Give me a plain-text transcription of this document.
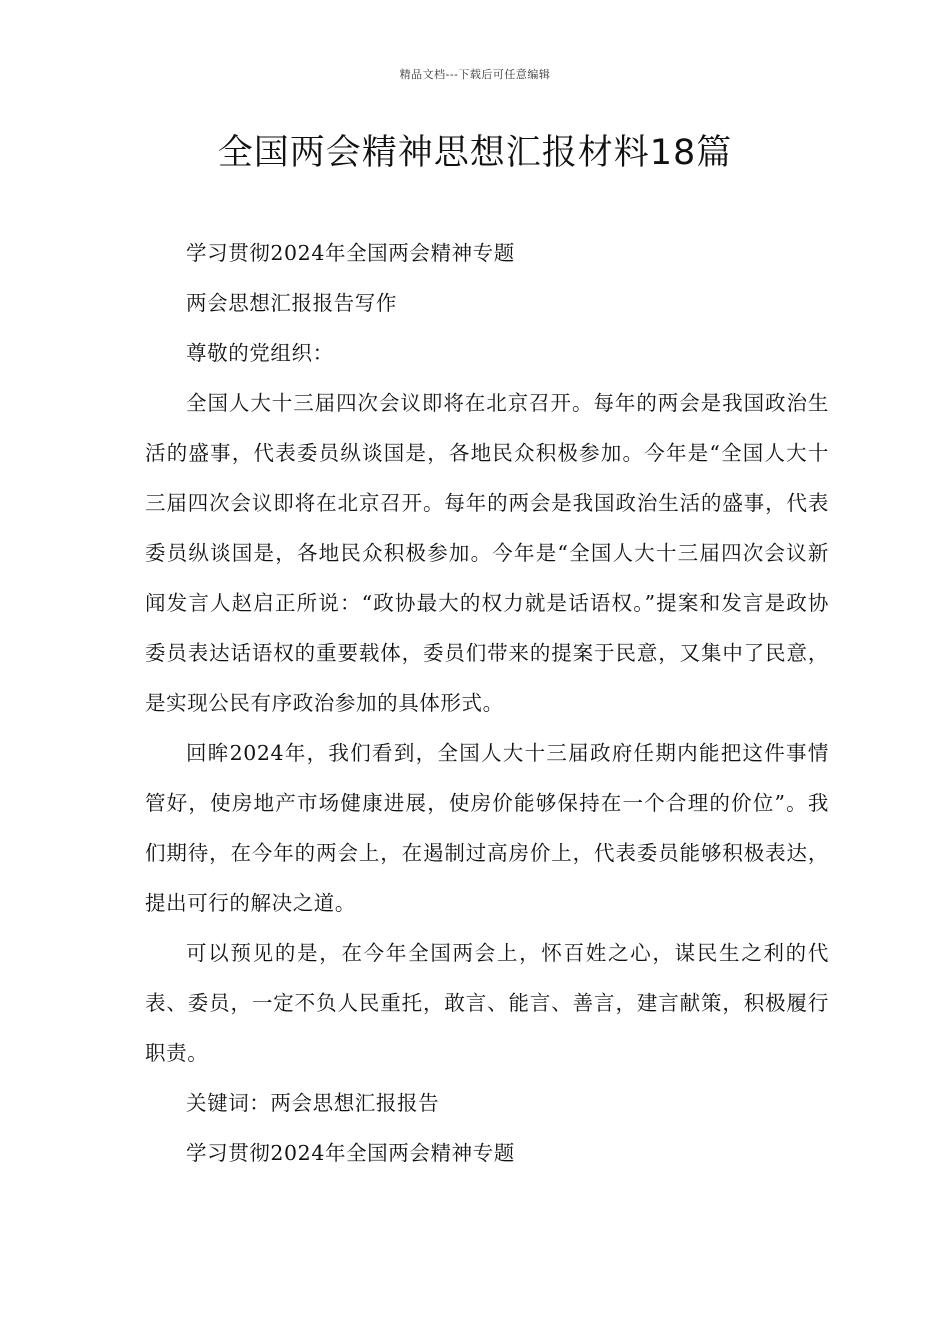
精品文档---下载后可任意编辑
全国两会精神思想汇报材料18篇

学习贯彻2024年全国两会精神专题

两会思想汇报报告写作

尊敬的党组织：

全国人大十三届四次会议即将在北京召开。每年的两会是我国政治生活的盛事，代表委员纵谈国是，各地民众积极参加。今年是“全国人大十三届四次会议即将在北京召开。每年的两会是我国政治生活的盛事，代表委员纵谈国是，各地民众积极参加。今年是“全国人大十三届四次会议新闻发言人赵启正所说：“政协最大的权力就是话语权。”提案和发言是政协委员表达话语权的重要载体，委员们带来的提案于民意，又集中了民意，是实现公民有序政治参加的具体形式。

回眸2024年，我们看到，全国人大十三届政府任期内能把这件事情管好，使房地产市场健康进展，使房价能够保持在一个合理的价位”。我们期待，在今年的两会上，在遏制过高房价上，代表委员能够积极表达，提出可行的解决之道。

可以预见的是，在今年全国两会上，怀百姓之心，谋民生之利的代表、委员，一定不负人民重托，敢言、能言、善言，建言献策，积极履行职责。

关键词：两会思想汇报报告

学习贯彻2024年全国两会精神专题
